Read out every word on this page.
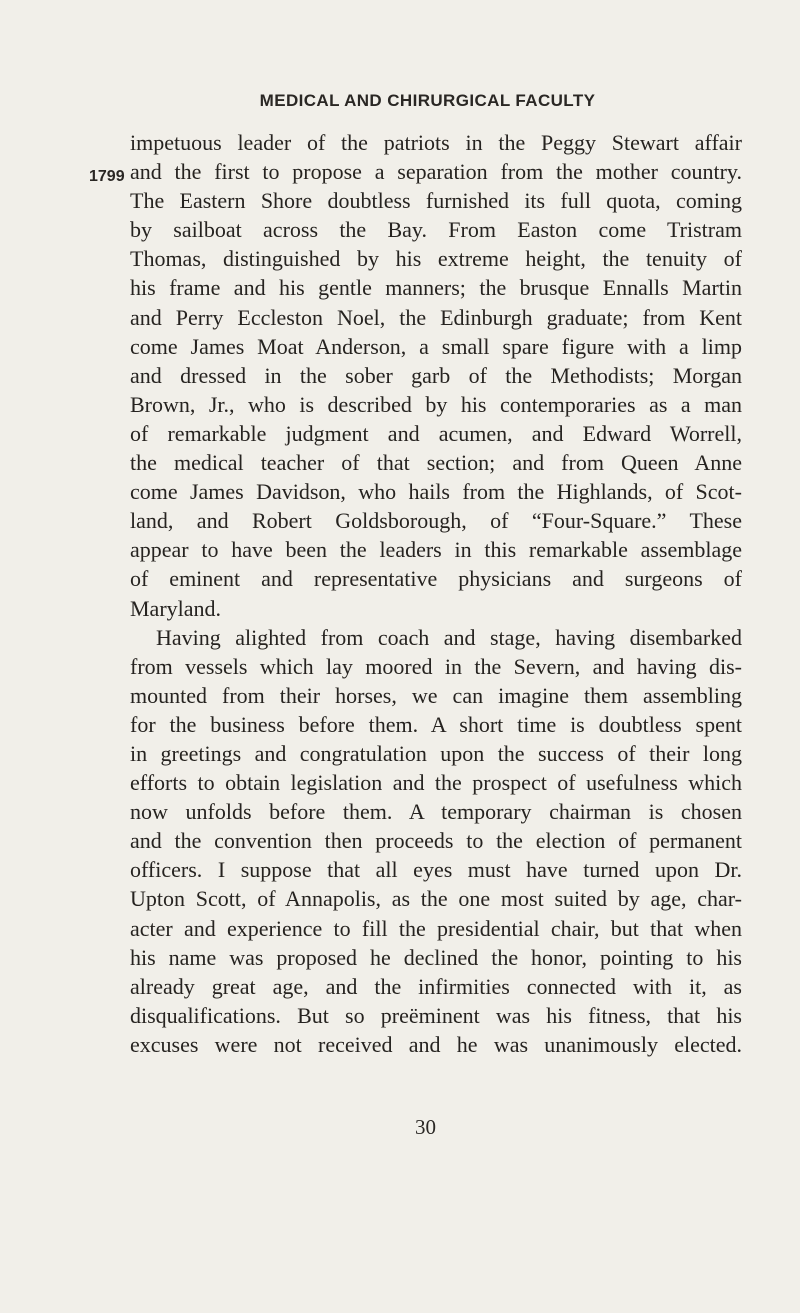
MEDICAL AND CHIRURGICAL FACULTY
1799
impetuous leader of the patriots in the Peggy Stewart affair
and the first to propose a separation from the mother country.
The Eastern Shore doubtless furnished its full quota, coming
by sailboat across the Bay. From Easton come Tristram
Thomas, distinguished by his extreme height, the tenuity of
his frame and his gentle manners; the brusque Ennalls Martin
and Perry Eccleston Noel, the Edinburgh graduate; from Kent
come James Moat Anderson, a small spare figure with a limp
and dressed in the sober garb of the Methodists; Morgan
Brown, Jr., who is described by his contemporaries as a man
of remarkable judgment and acumen, and Edward Worrell,
the medical teacher of that section; and from Queen Anne
come James Davidson, who hails from the Highlands, of Scot-
land, and Robert Goldsborough, of “Four-Square.” These
appear to have been the leaders in this remarkable assemblage
of eminent and representative physicians and surgeons of
Maryland.
Having alighted from coach and stage, having disembarked
from vessels which lay moored in the Severn, and having dis-
mounted from their horses, we can imagine them assembling
for the business before them. A short time is doubtless spent
in greetings and congratulation upon the success of their long
efforts to obtain legislation and the prospect of usefulness which
now unfolds before them. A temporary chairman is chosen
and the convention then proceeds to the election of permanent
officers. I suppose that all eyes must have turned upon Dr.
Upton Scott, of Annapolis, as the one most suited by age, char-
acter and experience to fill the presidential chair, but that when
his name was proposed he declined the honor, pointing to his
already great age, and the infirmities connected with it, as
disqualifications. But so preëminent was his fitness, that his
excuses were not received and he was unanimously elected.
30
